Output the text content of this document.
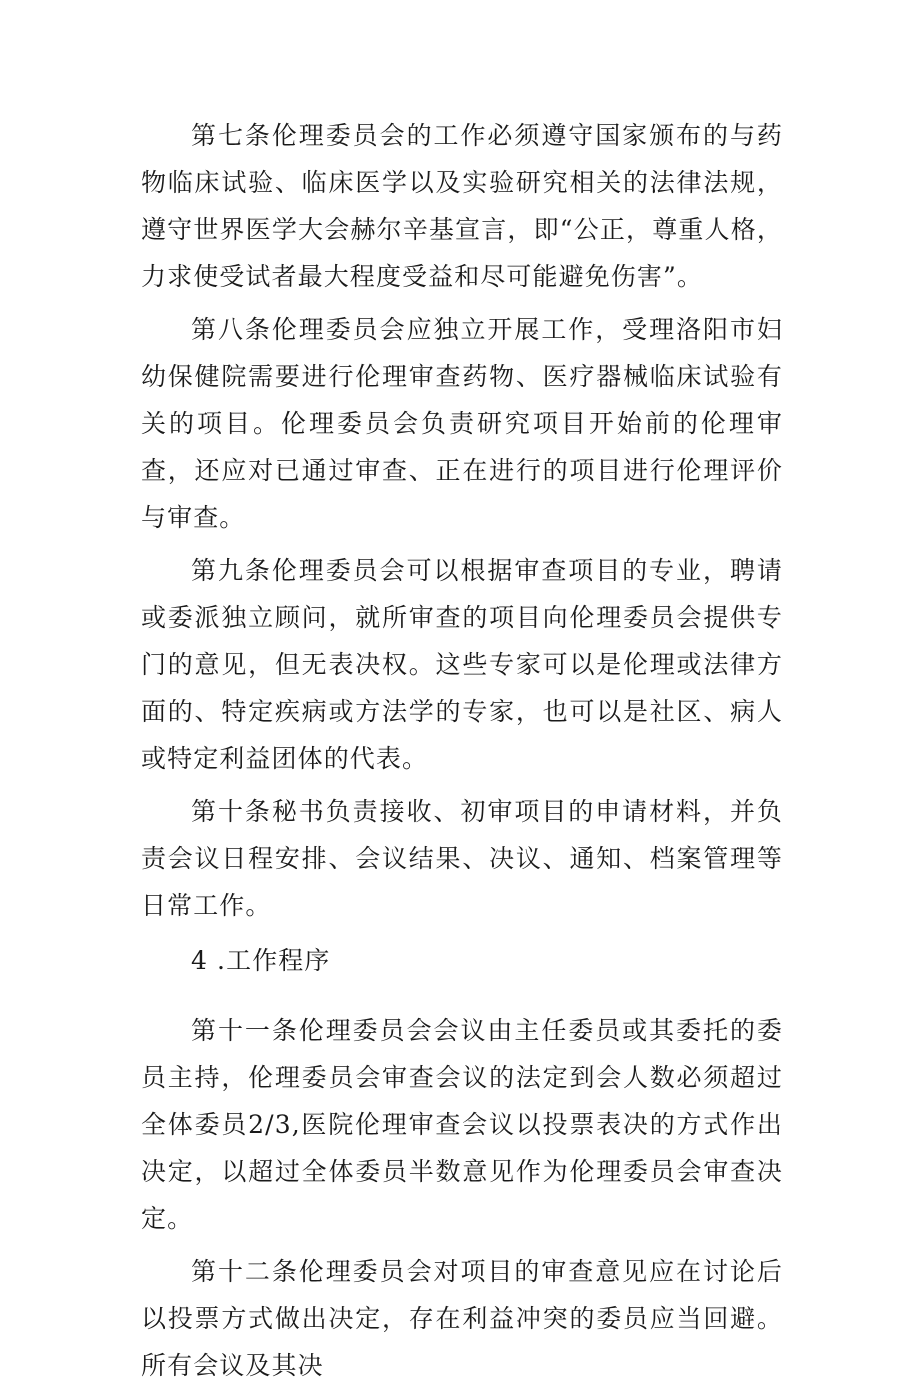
第七条伦理委员会的工作必须遵守国家颁布的与药物临床试验、临床医学以及实验研究相关的法律法规，遵守世界医学大会赫尔辛基宣言，即“公正，尊重人格，力求使受试者最大程度受益和尽可能避免伤害”。

第八条伦理委员会应独立开展工作，受理洛阳市妇幼保健院需要进行伦理审查药物、医疗器械临床试验有关的项目。伦理委员会负责研究项目开始前的伦理审查，还应对已通过审查、正在进行的项目进行伦理评价与审查。

第九条伦理委员会可以根据审查项目的专业，聘请或委派独立顾问，就所审查的项目向伦理委员会提供专门的意见，但无表决权。这些专家可以是伦理或法律方面的、特定疾病或方法学的专家，也可以是社区、病人或特定利益团体的代表。

第十条秘书负责接收、初审项目的申请材料，并负责会议日程安排、会议结果、决议、通知、档案管理等日常工作。

4 .工作程序

第十一条伦理委员会会议由主任委员或其委托的委员主持，伦理委员会审查会议的法定到会人数必须超过全体委员2/3,医院伦理审查会议以投票表决的方式作出决定，以超过全体委员半数意见作为伦理委员会审查决定。

第十二条伦理委员会对项目的审查意见应在讨论后以投票方式做出决定，存在利益冲突的委员应当回避。所有会议及其决
